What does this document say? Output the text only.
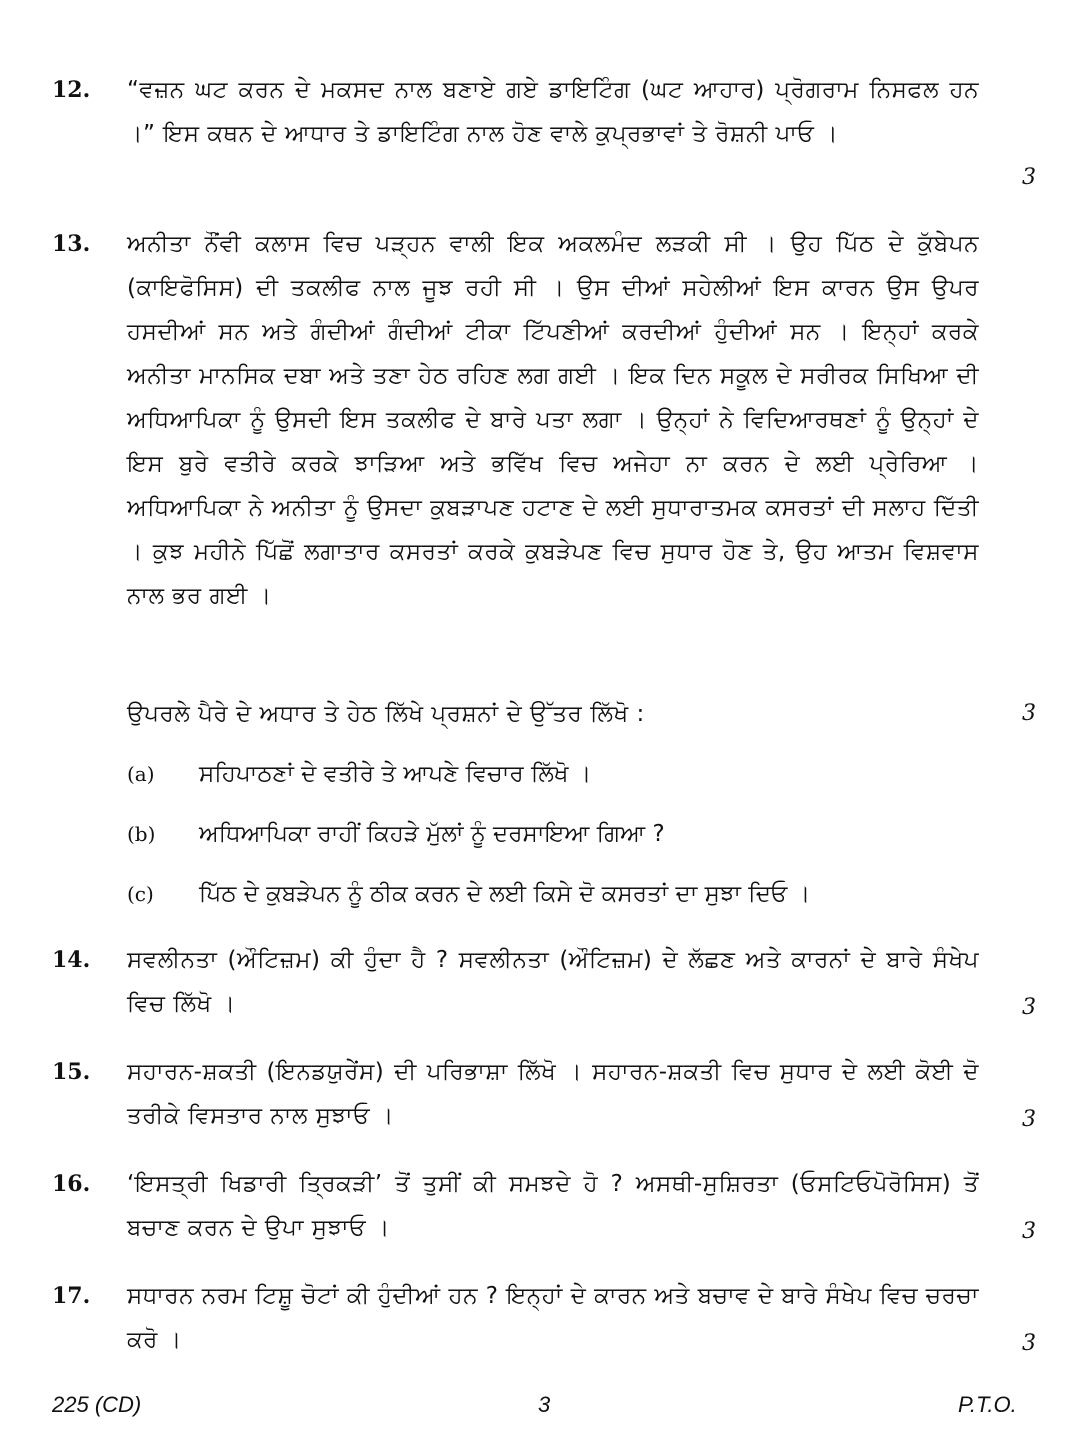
12. “ਵਜ਼ਨ ਘਟ ਕਰਨ ਦੇ ਮਕਸਦ ਨਾਲ ਬਣਾਏ ਗਏ ਡਾਇਟਿੰਗ (ਘਟ ਆਹਾਰ) ਪ੍ਰੋਗਰਾਮ ਨਿਸਫਲ ਹਨ ।” ਇਸ ਕਥਨ ਦੇ ਆਧਾਰ ਤੇ ਡਾਇਟਿੰਗ ਨਾਲ ਹੋਣ ਵਾਲੇ ਕੁਪ੍ਰਭਾਵਾਂ ਤੇ ਰੋਸ਼ਨੀ ਪਾਓ ।
3
13. ਅਨੀਤਾ ਨੌਂਵੀ ਕਲਾਸ ਵਿਚ ਪੜ੍ਹਨ ਵਾਲੀ ਇਕ ਅਕਲਮੰਦ ਲੜਕੀ ਸੀ । ਉਹ ਪਿੱਠ ਦੇ ਕੁੱਬੇਪਨ (ਕਾਇਫੋਸਿਸ) ਦੀ ਤਕਲੀਫ ਨਾਲ ਜੂਝ ਰਹੀ ਸੀ । ਉਸ ਦੀਆਂ ਸਹੇਲੀਆਂ ਇਸ ਕਾਰਨ ਉਸ ਉਪਰ ਹਸਦੀਆਂ ਸਨ ਅਤੇ ਗੰਦੀਆਂ ਗੰਦੀਆਂ ਟੀਕਾ ਟਿੱਪਣੀਆਂ ਕਰਦੀਆਂ ਹੁੰਦੀਆਂ ਸਨ । ਇਨ੍ਹਾਂ ਕਰਕੇ ਅਨੀਤਾ ਮਾਨਸਿਕ ਦਬਾ ਅਤੇ ਤਣਾ ਹੇਠ ਰਹਿਣ ਲਗ ਗਈ । ਇਕ ਦਿਨ ਸਕੂਲ ਦੇ ਸਰੀਰਕ ਸਿਖਿਆ ਦੀ ਅਧਿਆਪਿਕਾ ਨੂੰ ਉਸਦੀ ਇਸ ਤਕਲੀਫ ਦੇ ਬਾਰੇ ਪਤਾ ਲਗਾ । ਉਨ੍ਹਾਂ ਨੇ ਵਿਦਿਆਰਥਣਾਂ ਨੂੰ ਉਨ੍ਹਾਂ ਦੇ ਇਸ ਬੁਰੇ ਵਤੀਰੇ ਕਰਕੇ ਝਾੜਿਆ ਅਤੇ ਭਵਿੱਖ ਵਿਚ ਅਜੇਹਾ ਨਾ ਕਰਨ ਦੇ ਲਈ ਪ੍ਰੇਰਿਆ । ਅਧਿਆਪਿਕਾ ਨੇ ਅਨੀਤਾ ਨੂੰ ਉਸਦਾ ਕੁਬੜਾਪਣ ਹਟਾਣ ਦੇ ਲਈ ਸੁਧਾਰਾਤਮਕ ਕਸਰਤਾਂ ਦੀ ਸਲਾਹ ਦਿੱਤੀ । ਕੁਝ ਮਹੀਨੇ ਪਿੱਛੋਂ ਲਗਾਤਾਰ ਕਸਰਤਾਂ ਕਰਕੇ ਕੁਬੜੇਪਣ ਵਿਚ ਸੁਧਾਰ ਹੋਣ ਤੇ, ਉਹ ਆਤਮ ਵਿਸ਼ਵਾਸ ਨਾਲ ਭਰ ਗਈ ।
ਉਪਰਲੇ ਪੈਰੇ ਦੇ ਅਧਾਰ ਤੇ ਹੇਠ ਲਿੱਖੇ ਪ੍ਰਸ਼ਨਾਂ ਦੇ ਉੱਤਰ ਲਿੱਖੋ :	3
(a) ਸਹਿਪਾਠਣਾਂ ਦੇ ਵਤੀਰੇ ਤੇ ਆਪਣੇ ਵਿਚਾਰ ਲਿੱਖੋ ।
(b) ਅਧਿਆਪਿਕਾ ਰਾਹੀਂ ਕਿਹੜੇ ਮੁੱਲਾਂ ਨੂੰ ਦਰਸਾਇਆ ਗਿਆ ?
(c) ਪਿੱਠ ਦੇ ਕੁਬੜੇਪਨ ਨੂੰ ਠੀਕ ਕਰਨ ਦੇ ਲਈ ਕਿਸੇ ਦੋ ਕਸਰਤਾਂ ਦਾ ਸੁਝਾ ਦਿਓ ।
14. ਸਵਲੀਨਤਾ (ਔਟਿਜ਼ਮ) ਕੀ ਹੁੰਦਾ ਹੈ ? ਸਵਲੀਨਤਾ (ਔਟਿਜ਼ਮ) ਦੇ ਲੱਛਣ ਅਤੇ ਕਾਰਨਾਂ ਦੇ ਬਾਰੇ ਸੰਖੇਪ ਵਿਚ ਲਿੱਖੋ ।	3
15. ਸਹਾਰਨ-ਸ਼ਕਤੀ (ਇਨਡਯੁਰੇਂਸ) ਦੀ ਪਰਿਭਾਸ਼ਾ ਲਿੱਖੋ । ਸਹਾਰਨ-ਸ਼ਕਤੀ ਵਿਚ ਸੁਧਾਰ ਦੇ ਲਈ ਕੋਈ ਦੋ ਤਰੀਕੇ ਵਿਸਤਾਰ ਨਾਲ ਸੁਝਾਓ ।	3
16. ‘ਇਸਤ੍ਰੀ ਖਿਡਾਰੀ ਤ੍ਰਿਕੜੀ’ ਤੋਂ ਤੁਸੀਂ ਕੀ ਸਮਝਦੇ ਹੋ ? ਅਸਥੀ-ਸੁਸ਼ਿਰਤਾ (ਓਸਟਿਓਪੋਰੋਸਿਸ) ਤੋਂ ਬਚਾਣ ਕਰਨ ਦੇ ਉਪਾ ਸੁਝਾਓ ।	3
17. ਸਧਾਰਨ ਨਰਮ ਟਿਸ਼ੂ ਚੋਟਾਂ ਕੀ ਹੁੰਦੀਆਂ ਹਨ ? ਇਨ੍ਹਾਂ ਦੇ ਕਾਰਨ ਅਤੇ ਬਚਾਵ ਦੇ ਬਾਰੇ ਸੰਖੇਪ ਵਿਚ ਚਰਚਾ ਕਰੋ ।	3
225 (CD)	3	P.T.O.
